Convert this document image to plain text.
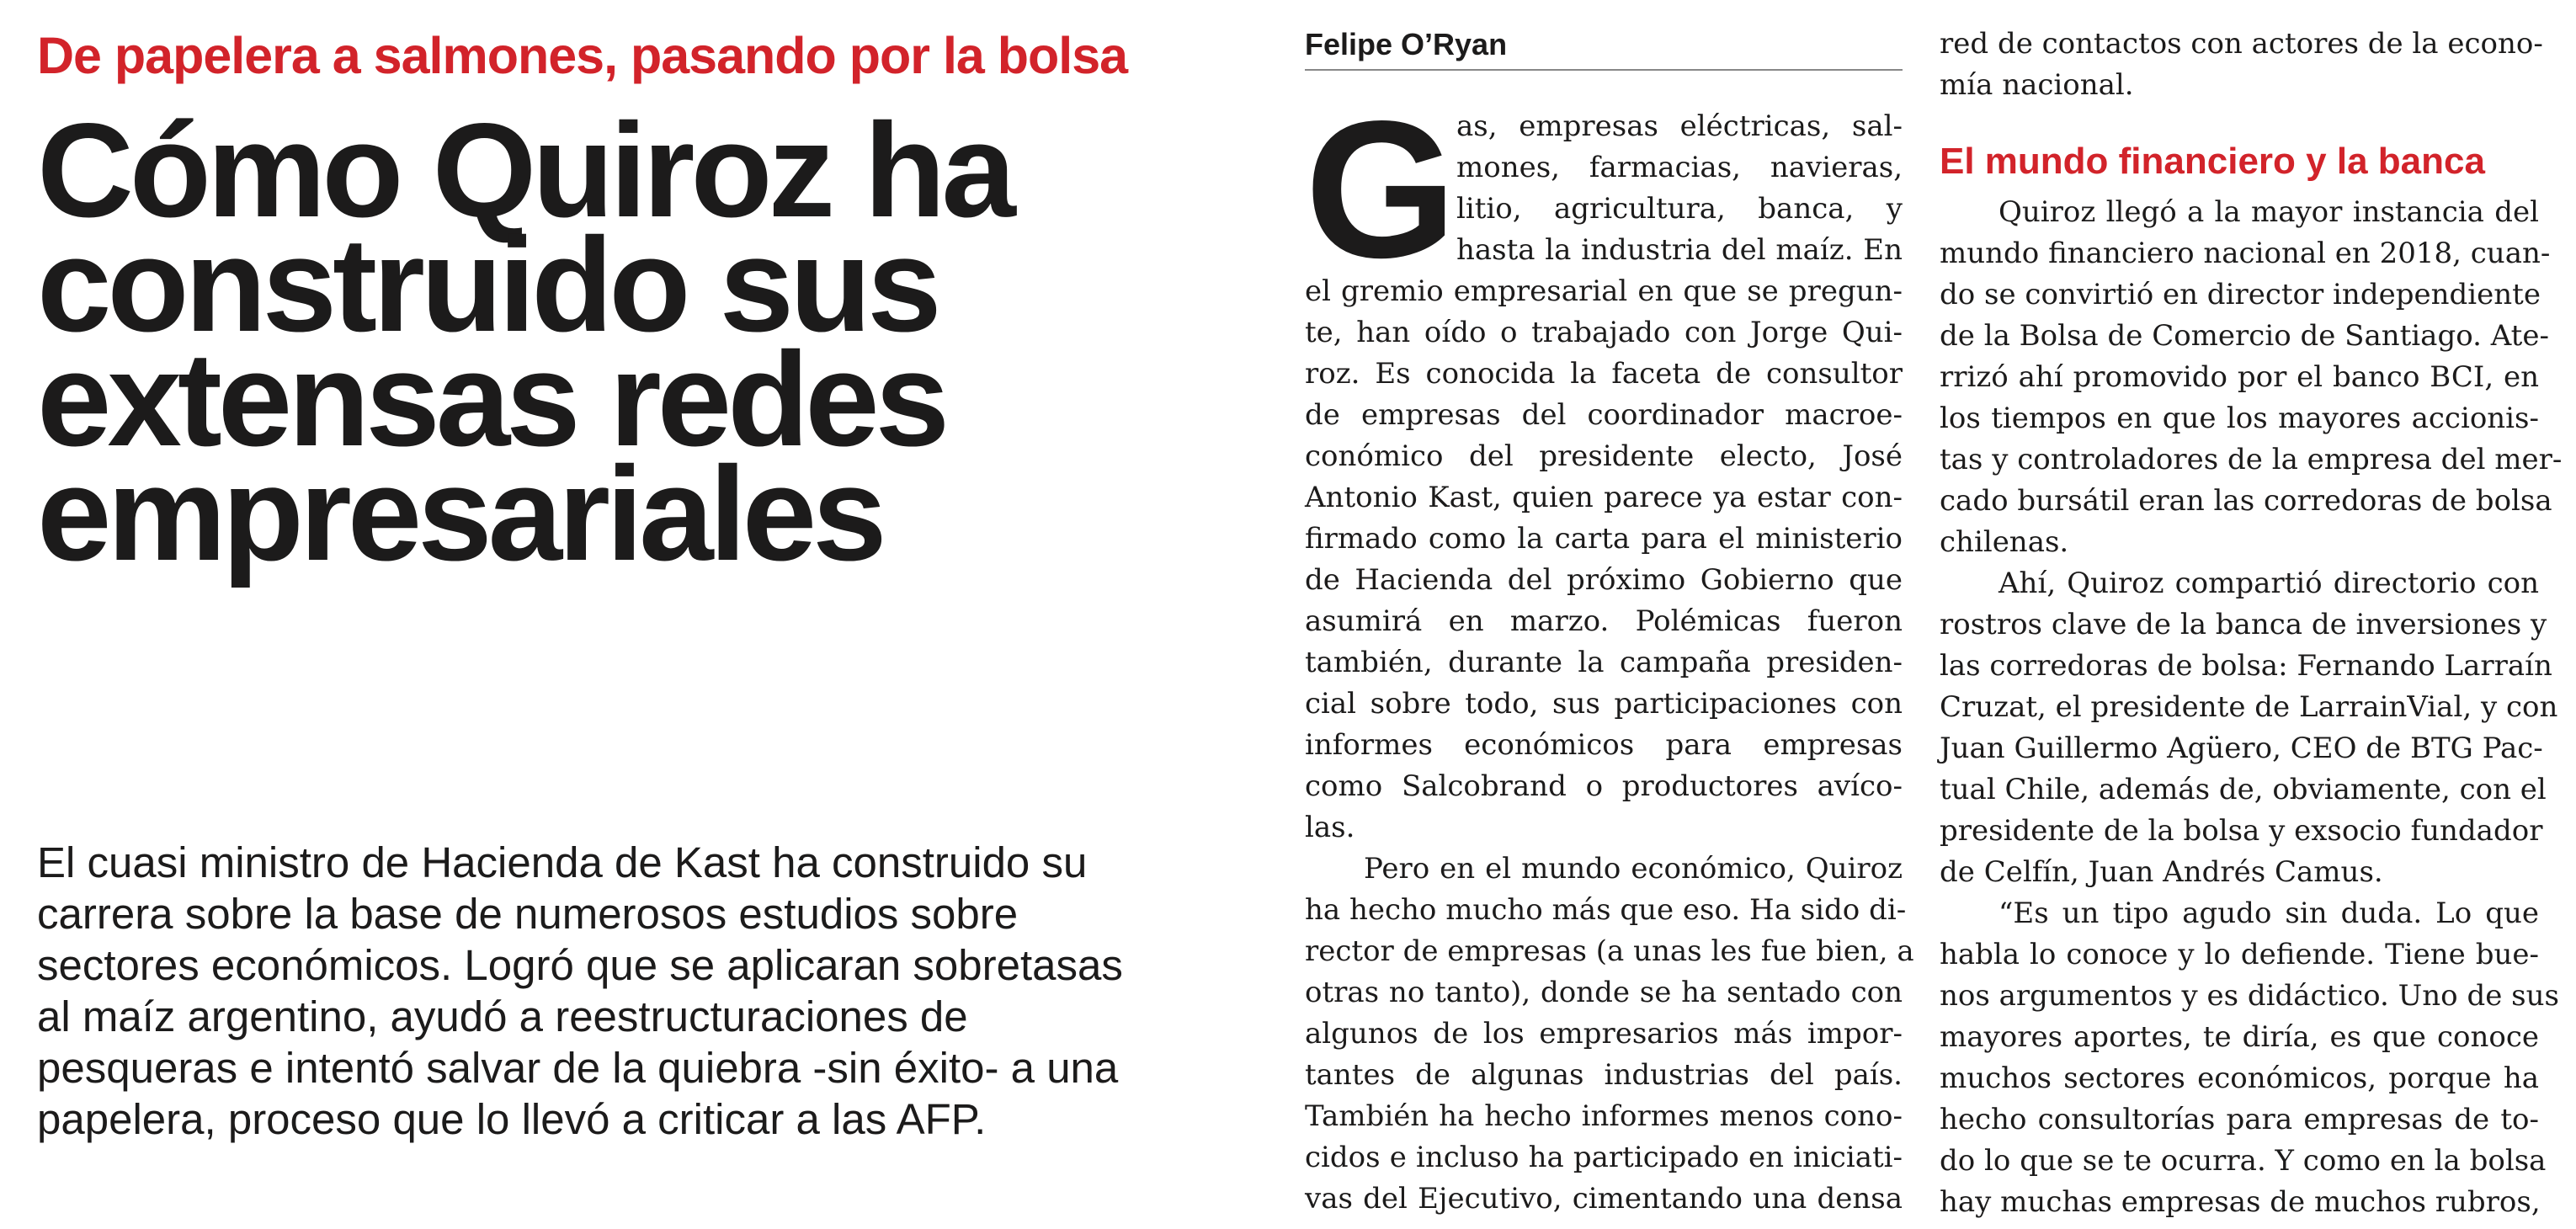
De papelera a salmones, pasando por la bolsa
Cómo Quiroz ha
construido sus
extensas redes
empresariales
El cuasi ministro de Hacienda de Kast ha construido su
carrera sobre la base de numerosos estudios sobre
sectores económicos. Logró que se aplicaran sobretasas
al maíz argentino, ayudó a reestructuraciones de
pesqueras e intentó salvar de la quiebra -sin éxito- a una
papelera, proceso que lo llevó a criticar a las AFP.
Felipe O’Ryan
G as, empresas eléctricas, sal-
mones, farmacias, navieras,
litio, agricultura, banca, y
hasta la industria del maíz. En
el gremio empresarial en que se pregun-
te, han oído o trabajado con Jorge Qui-
roz. Es conocida la faceta de consultor
de empresas del coordinador macroe-
conómico del presidente electo, José
Antonio Kast, quien parece ya estar con-
firmado como la carta para el ministerio
de Hacienda del próximo Gobierno que
asumirá en marzo. Polémicas fueron
también, durante la campaña presiden-
cial sobre todo, sus participaciones con
informes económicos para empresas
como Salcobrand o productores avíco-
las.
Pero en el mundo económico, Quiroz
ha hecho mucho más que eso. Ha sido di-
rector de empresas (a unas les fue bien, a
otras no tanto), donde se ha sentado con
algunos de los empresarios más impor-
tantes de algunas industrias del país.
También ha hecho informes menos cono-
cidos e incluso ha participado en iniciati-
vas del Ejecutivo, cimentando una densa
red de contactos con actores de la econo-
mía nacional.
El mundo financiero y la banca
Quiroz llegó a la mayor instancia del
mundo financiero nacional en 2018, cuan-
do se convirtió en director independiente
de la Bolsa de Comercio de Santiago. Ate-
rrizó ahí promovido por el banco BCI, en
los tiempos en que los mayores accionis-
tas y controladores de la empresa del mer-
cado bursátil eran las corredoras de bolsa
chilenas.
Ahí, Quiroz compartió directorio con
rostros clave de la banca de inversiones y
las corredoras de bolsa: Fernando Larraín
Cruzat, el presidente de LarrainVial, y con
Juan Guillermo Agüero, CEO de BTG Pac-
tual Chile, además de, obviamente, con el
presidente de la bolsa y exsocio fundador
de Celfín, Juan Andrés Camus.
“Es un tipo agudo sin duda. Lo que
habla lo conoce y lo defiende. Tiene bue-
nos argumentos y es didáctico. Uno de sus
mayores aportes, te diría, es que conoce
muchos sectores económicos, porque ha
hecho consultorías para empresas de to-
do lo que se te ocurra. Y como en la bolsa
hay muchas empresas de muchos rubros,
